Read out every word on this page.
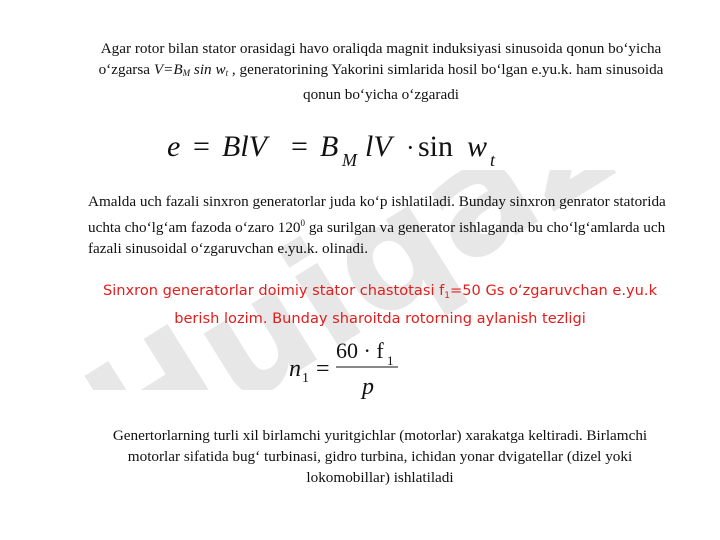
Agar rotor bilan stator orasidagi havo oraliqda magnit induksiyasi sinusoida qonun bo‘yicha o‘zgarsa $V=B_M$ $\sin w_t$ , generatorining Yakorini simlarida hosil bo‘lgan e.yu.k. ham sinusoida qonun bo‘yicha o‘zgaradi
e = BlV = B M lV · sin w t
Amalda uch fazali sinxron generatorlar juda ko‘p ishlatiladi. Bunday sinxron genrator statorida uchta cho‘lg‘am fazoda o‘zaro $120^0$ ga surilgan va generator ishlaganda bu cho‘lg‘amlarda uch fazali sinusoidal o‘zgaruvchan e.yu.k. olinadi.
Sinxron generatorlar doimiy stator chastotasi $f_1=50$ Gs o‘zgaruvchan e.yu.k berish lozim. Bunday sharoitda rotorning aylanish tezligi
n 1 =
60 · f 1
p
Genertorlarning turli xil birlamchi yuritgichlar (motorlar) xarakatga keltiradi. Birlamchi motorlar sifatida bug‘ turbinasi, gidro turbina, ichidan yonar dvigatellar (dizel yoki lokomobillar) ishlatiladi
